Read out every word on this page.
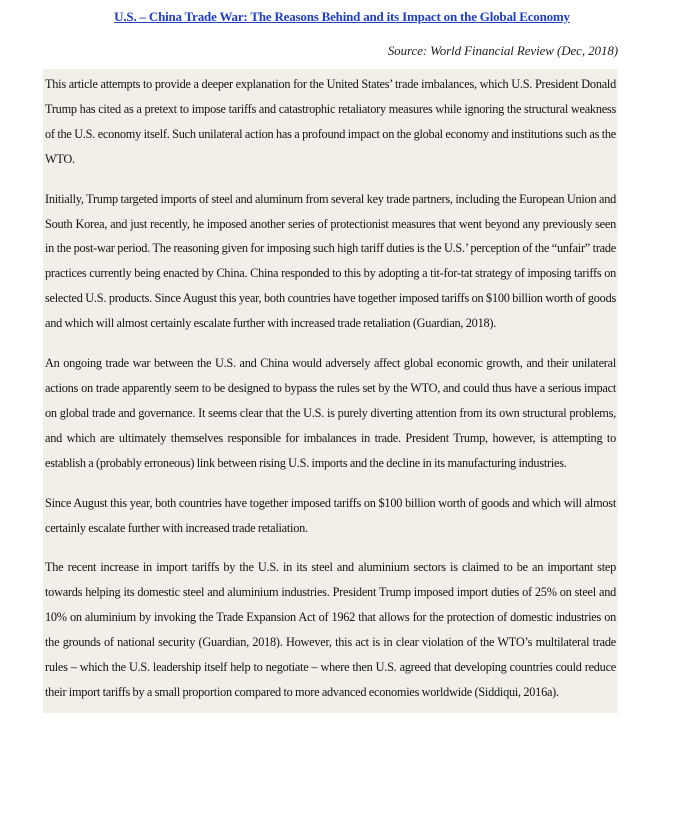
U.S. – China Trade War: The Reasons Behind and its Impact on the Global Economy
Source: World Financial Review (Dec, 2018)

This article attempts to provide a deeper explanation for the United States’ trade imbalances, which U.S. President Donald Trump has cited as a pretext to impose tariffs and catastrophic retaliatory measures while ignoring the structural weakness of the U.S. economy itself. Such unilateral action has a profound impact on the global economy and institutions such as the WTO.

Initially, Trump targeted imports of steel and aluminum from several key trade partners, including the European Union and South Korea, and just recently, he imposed another series of protectionist measures that went beyond any previously seen in the post-war period. The reasoning given for imposing such high tariff duties is the U.S.’ perception of the “unfair” trade practices currently being enacted by China. China responded to this by adopting a tit-for-tat strategy of imposing tariffs on selected U.S. products. Since August this year, both countries have together imposed tariffs on $100 billion worth of goods and which will almost certainly escalate further with increased trade retaliation (Guardian, 2018).

An ongoing trade war between the U.S. and China would adversely affect global economic growth, and their unilateral actions on trade apparently seem to be designed to bypass the rules set by the WTO, and could thus have a serious impact on global trade and governance. It seems clear that the U.S. is purely diverting attention from its own structural problems, and which are ultimately themselves responsible for imbalances in trade. President Trump, however, is attempting to establish a (probably erroneous) link between rising U.S. imports and the decline in its manufacturing industries.

Since August this year, both countries have together imposed tariffs on $100 billion worth of goods and which will almost certainly escalate further with increased trade retaliation.

The recent increase in import tariffs by the U.S. in its steel and aluminium sectors is claimed to be an important step towards helping its domestic steel and aluminium industries. President Trump imposed import duties of 25% on steel and 10% on aluminium by invoking the Trade Expansion Act of 1962 that allows for the protection of domestic industries on the grounds of national security (Guardian, 2018). However, this act is in clear violation of the WTO’s multilateral trade rules – which the U.S. leadership itself help to negotiate – where then U.S. agreed that developing countries could reduce their import tariffs by a small proportion compared to more advanced economies worldwide (Siddiqui, 2016a).
